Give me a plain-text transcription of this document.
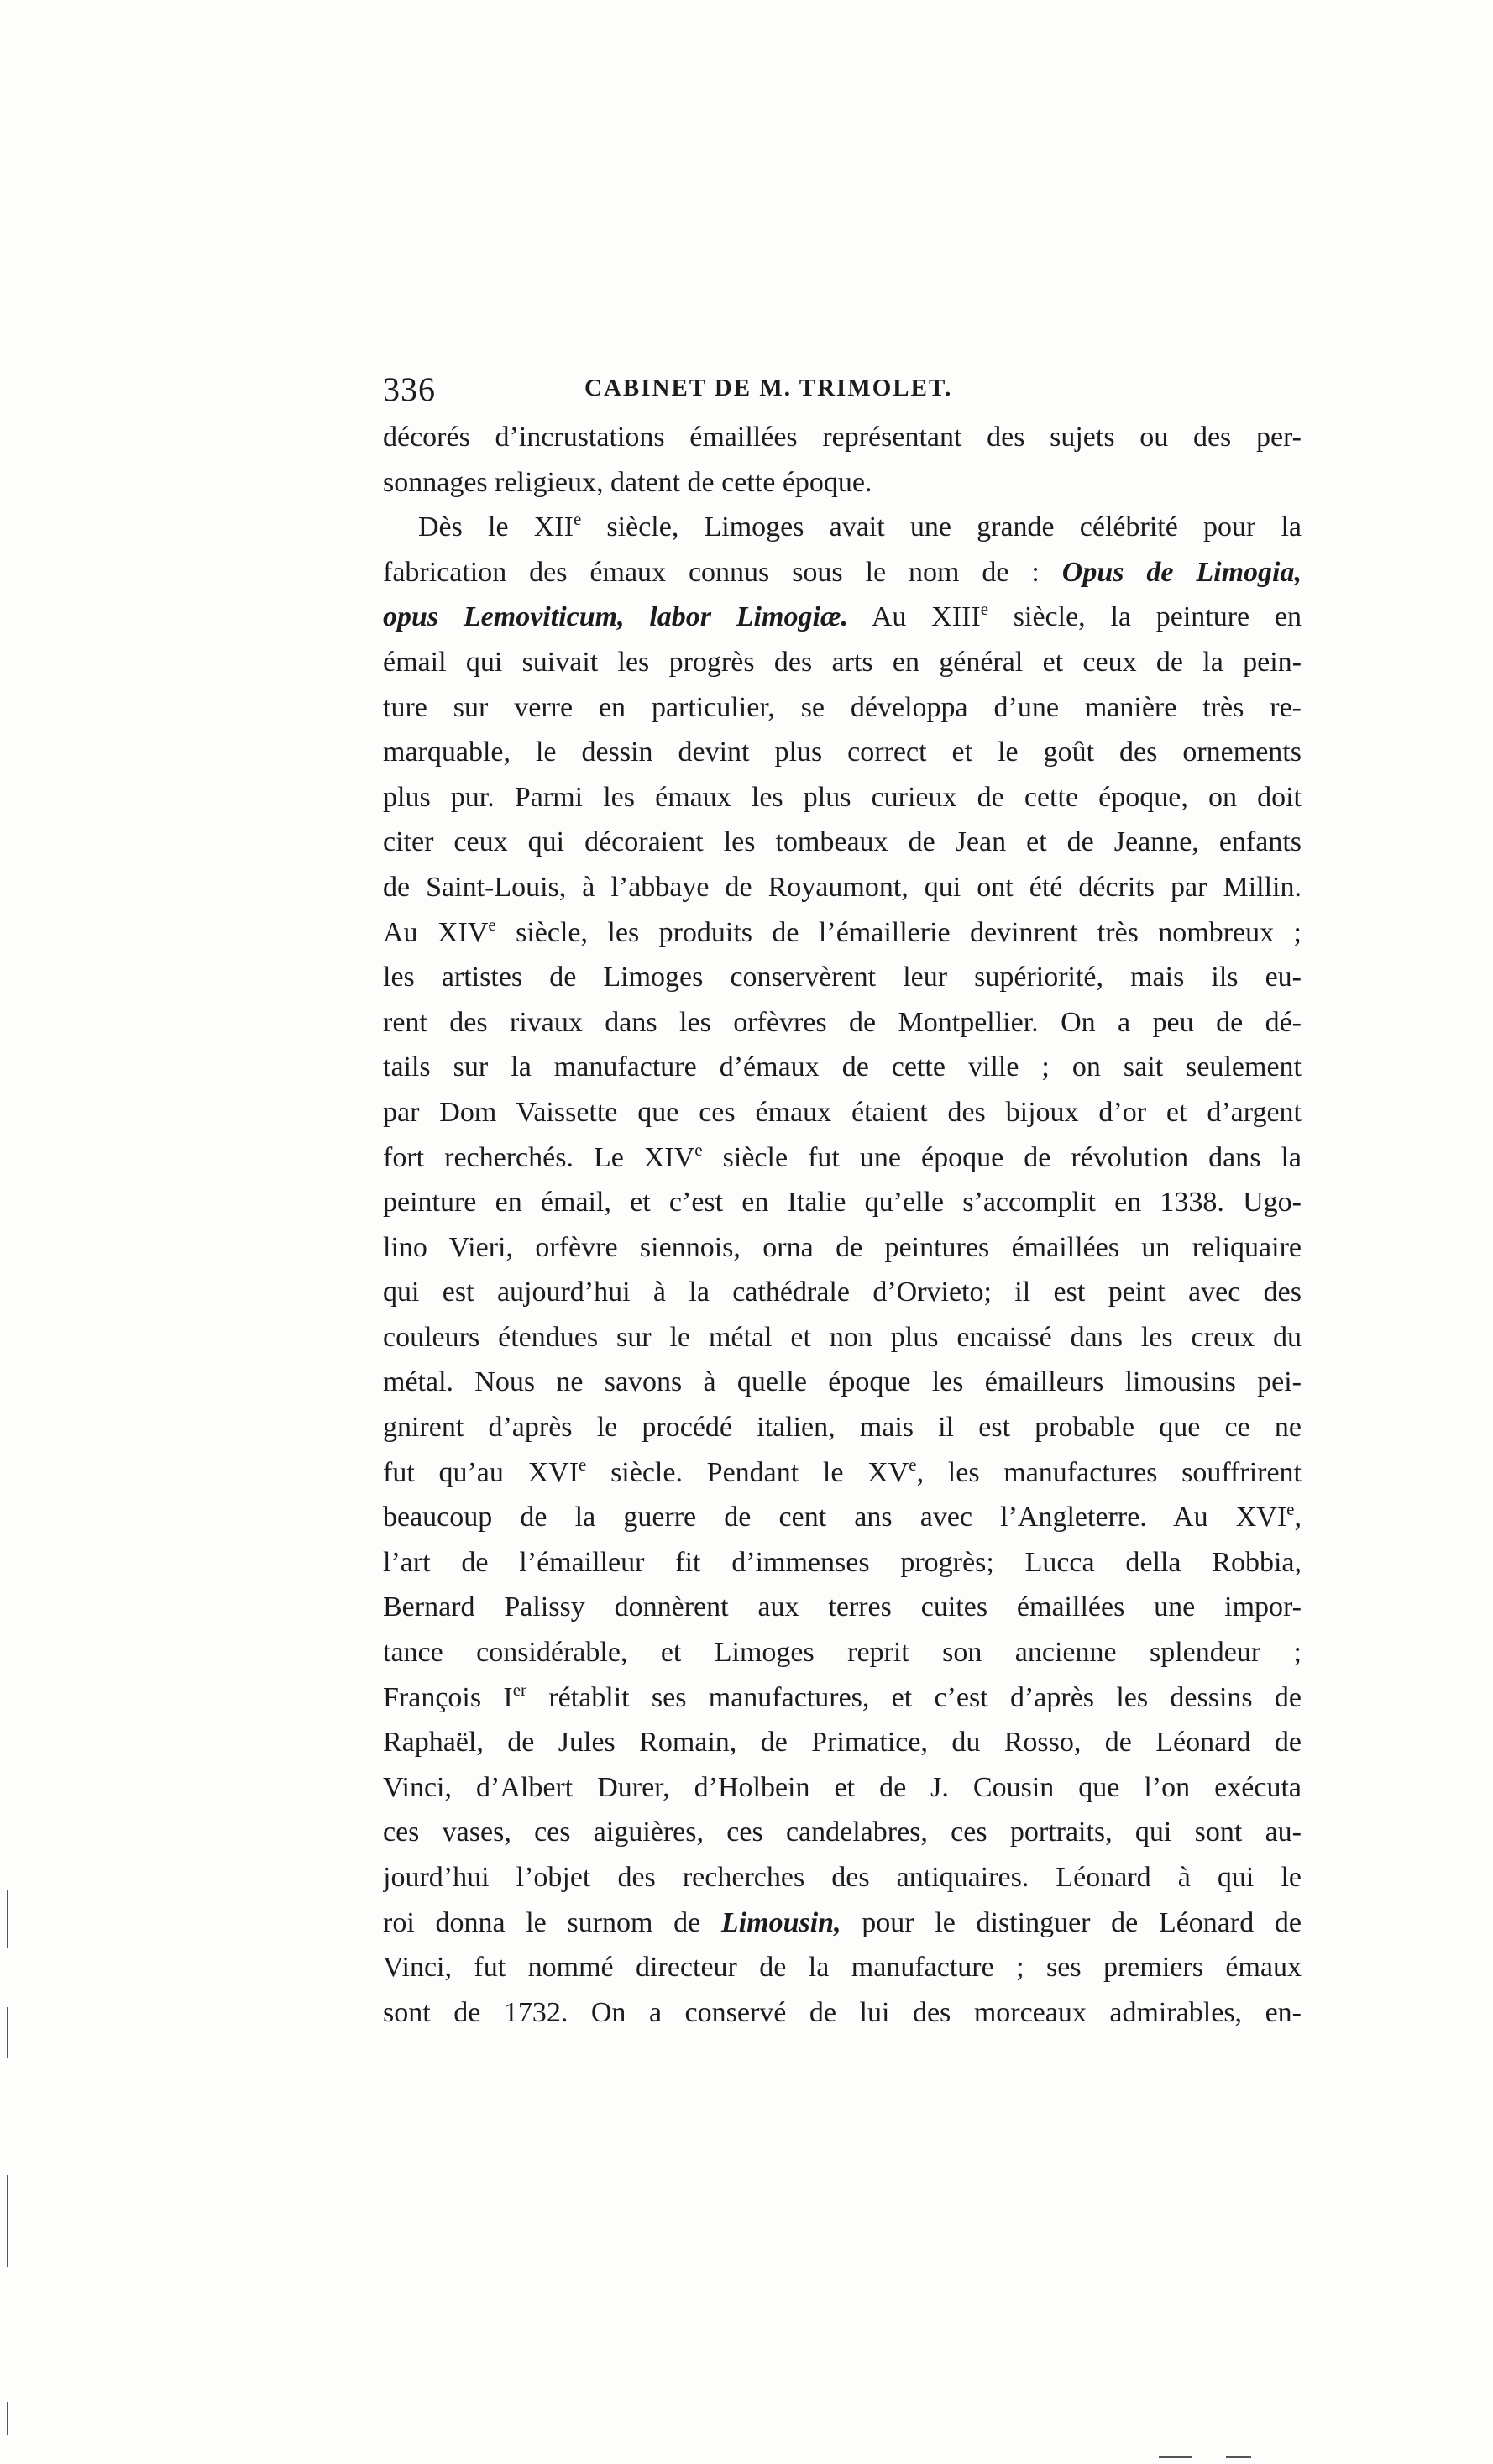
336	CABINET DE M. TRIMOLET.
décorés d’incrustations émaillées représentant des sujets ou des per-
sonnages religieux, datent de cette époque.
Dès le XIIe siècle, Limoges avait une grande célébrité pour la
fabrication des émaux connus sous le nom de : Opus de Limogia,
opus Lemoviticum, labor Limogiæ. Au XIIIe siècle, la peinture en
émail qui suivait les progrès des arts en général et ceux de la pein-
ture sur verre en particulier, se développa d’une manière très re-
marquable, le dessin devint plus correct et le goût des ornements
plus pur. Parmi les émaux les plus curieux de cette époque, on doit
citer ceux qui décoraient les tombeaux de Jean et de Jeanne, enfants
de Saint-Louis, à l’abbaye de Royaumont, qui ont été décrits par Millin.
Au XIVe siècle, les produits de l’émaillerie devinrent très nombreux ;
les artistes de Limoges conservèrent leur supériorité, mais ils eu-
rent des rivaux dans les orfèvres de Montpellier. On a peu de dé-
tails sur la manufacture d’émaux de cette ville ; on sait seulement
par Dom Vaissette que ces émaux étaient des bijoux d’or et d’argent
fort recherchés. Le XIVe siècle fut une époque de révolution dans la
peinture en émail, et c’est en Italie qu’elle s’accomplit en 1338. Ugo-
lino Vieri, orfèvre siennois, orna de peintures émaillées un reliquaire
qui est aujourd’hui à la cathédrale d’Orvieto; il est peint avec des
couleurs étendues sur le métal et non plus encaissé dans les creux du
métal. Nous ne savons à quelle époque les émailleurs limousins pei-
gnirent d’après le procédé italien, mais il est probable que ce ne
fut qu’au XVIe siècle. Pendant le XVe, les manufactures souffrirent
beaucoup de la guerre de cent ans avec l’Angleterre. Au XVIe,
l’art de l’émailleur fit d’immenses progrès; Lucca della Robbia,
Bernard Palissy donnèrent aux terres cuites émaillées une impor-
tance considérable, et Limoges reprit son ancienne splendeur ;
François Ier rétablit ses manufactures, et c’est d’après les dessins de
Raphaël, de Jules Romain, de Primatice, du Rosso, de Léonard de
Vinci, d’Albert Durer, d’Holbein et de J. Cousin que l’on exécuta
ces vases, ces aiguières, ces candelabres, ces portraits, qui sont au-
jourd’hui l’objet des recherches des antiquaires. Léonard à qui le
roi donna le surnom de Limousin, pour le distinguer de Léonard de
Vinci, fut nommé directeur de la manufacture ; ses premiers émaux
sont de 1732. On a conservé de lui des morceaux admirables, en-
